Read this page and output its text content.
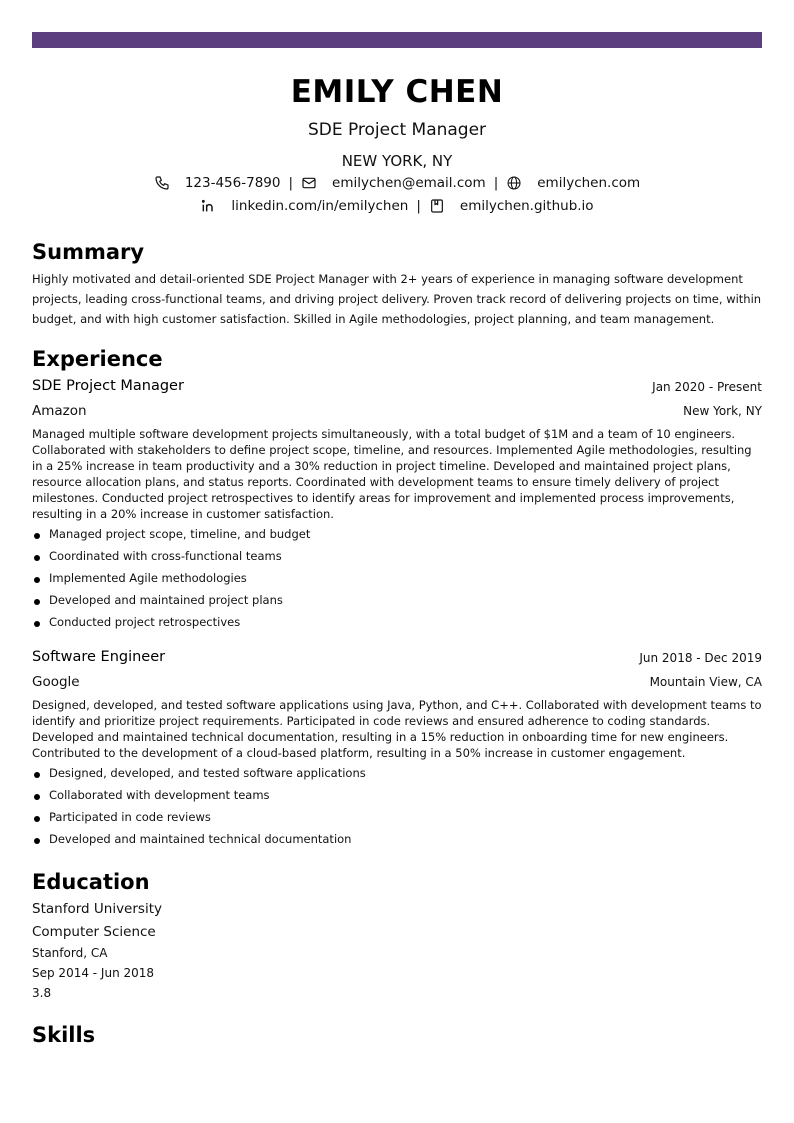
EMILY CHEN
SDE Project Manager
NEW YORK, NY
123-456-7890 |	emilychen@email.com |	emilychen.com
linkedin.com/in/emilychen |	emilychen.github.io
Summary
Highly motivated and detail-oriented SDE Project Manager with 2+ years of experience in managing software development projects, leading cross-functional teams, and driving project delivery. Proven track record of delivering projects on time, within budget, and with high customer satisfaction. Skilled in Agile methodologies, project planning, and team management.
Experience
SDE Project Manager	Jan 2020 - Present
Amazon	New York, NY
Managed multiple software development projects simultaneously, with a total budget of $1M and a team of 10 engineers. Collaborated with stakeholders to define project scope, timeline, and resources. Implemented Agile methodologies, resulting in a 25% increase in team productivity and a 30% reduction in project timeline. Developed and maintained project plans, resource allocation plans, and status reports. Coordinated with development teams to ensure timely delivery of project milestones. Conducted project retrospectives to identify areas for improvement and implemented process improvements, resulting in a 20% increase in customer satisfaction.
Managed project scope, timeline, and budget
Coordinated with cross-functional teams
Implemented Agile methodologies
Developed and maintained project plans
Conducted project retrospectives
Software Engineer	Jun 2018 - Dec 2019
Google	Mountain View, CA
Designed, developed, and tested software applications using Java, Python, and C++. Collaborated with development teams to identify and prioritize project requirements. Participated in code reviews and ensured adherence to coding standards. Developed and maintained technical documentation, resulting in a 15% reduction in onboarding time for new engineers. Contributed to the development of a cloud-based platform, resulting in a 50% increase in customer engagement.
Designed, developed, and tested software applications
Collaborated with development teams
Participated in code reviews
Developed and maintained technical documentation
Education
Stanford University
Computer Science
Stanford, CA
Sep 2014 - Jun 2018
3.8
Skills
